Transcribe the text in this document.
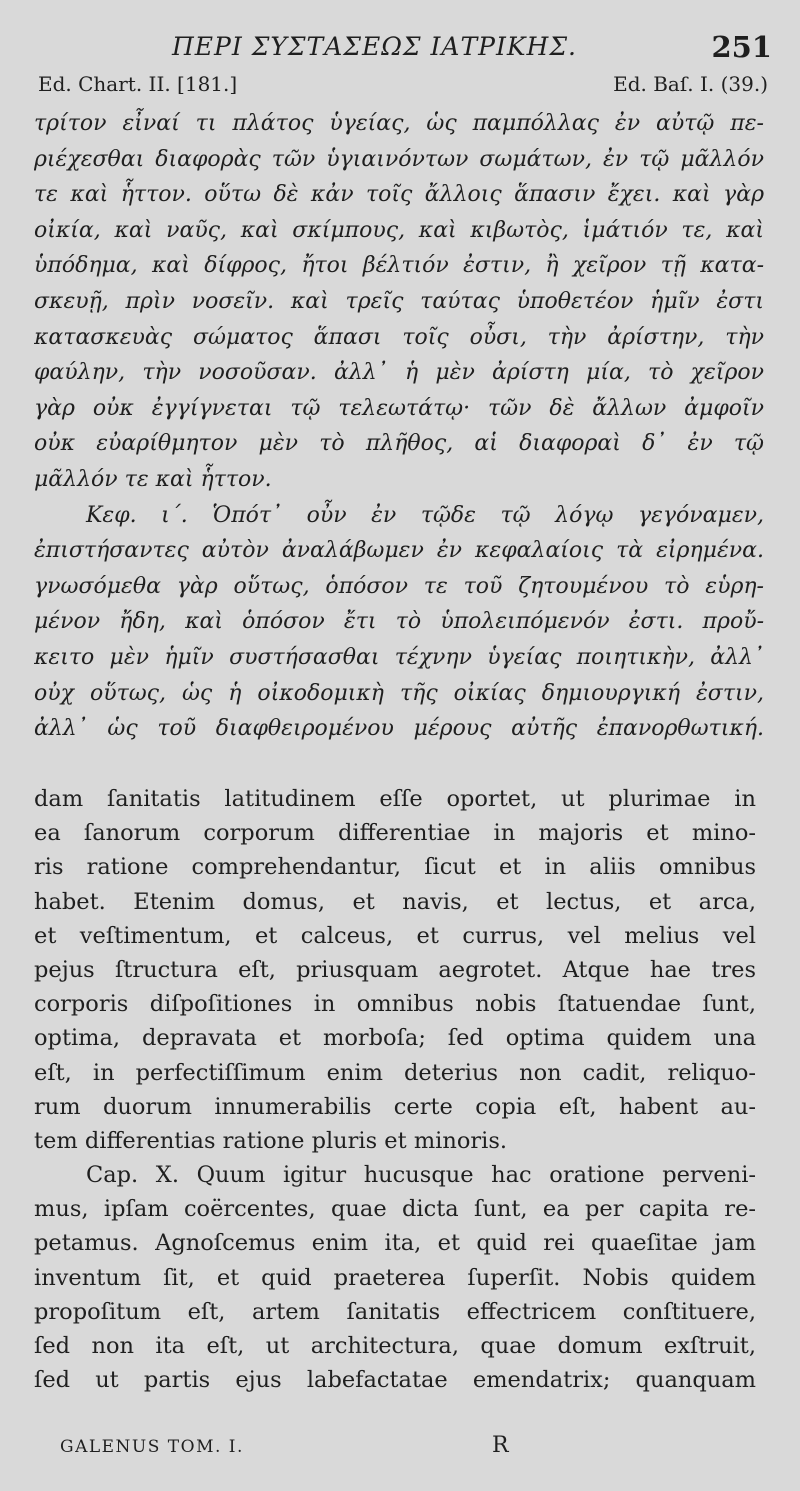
ΠΕΡΙ ΣΥΣΤΑΣΕΩΣ ΙΑΤΡΙΚΗΣ.	251
Ed. Chart. II. [181.]	Ed. Baſ. I. (39.)
τρίτον εἶναί τι πλάτος ὑγείας, ὡς παμπόλλας ἐν αὐτῷ πε-
ριέχεσθαι διαφορὰς τῶν ὑγιαινόντων σωμάτων, ἐν τῷ μᾶλλόν
τε καὶ ἧττον. οὕτω δὲ κἀν τοῖς ἄλλοις ἅπασιν ἔχει. καὶ γὰρ
οἰκία, καὶ ναῦς, καὶ σκίμπους, καὶ κιβωτὸς, ἱμάτιόν τε, καὶ
ὑπόδημα, καὶ δίφρος, ἤτοι βέλτιόν ἐστιν, ἢ χεῖρον τῇ κατα-
σκευῇ, πρὶν νοσεῖν. καὶ τρεῖς ταύτας ὑποθετέον ἡμῖν ἐστι
κατασκευὰς σώματος ἅπασι τοῖς οὖσι, τὴν ἀρίστην, τὴν
φαύλην, τὴν νοσοῦσαν. ἀλλ᾽ ἡ μὲν ἀρίστη μία, τὸ χεῖρον
γὰρ οὐκ ἐγγίγνεται τῷ τελεωτάτῳ· τῶν δὲ ἄλλων ἀμφοῖν
οὐκ εὐαρίθμητον μὲν τὸ πλῆθος, αἱ διαφοραὶ δ᾽ ἐν τῷ
μᾶλλόν τε καὶ ἧττον.
Κεφ. ι΄. Ὁπότ᾽ οὖν ἐν τῷδε τῷ λόγῳ γεγόναμεν,
ἐπιστήσαντες αὐτὸν ἀναλάβωμεν ἐν κεφαλαίοις τὰ εἰρημένα.
γνωσόμεθα γὰρ οὕτως, ὁπόσον τε τοῦ ζητουμένου τὸ εὑρη-
μένον ἤδη, καὶ ὁπόσον ἔτι τὸ ὑπολειπόμενόν ἐστι. προὔ-
κειτο μὲν ἡμῖν συστήσασθαι τέχνην ὑγείας ποιητικὴν, ἀλλ᾽
οὐχ οὕτως, ὡς ἡ οἰκοδομικὴ τῆς οἰκίας δημιουργική ἐστιν,
ἀλλ᾽ ὡς τοῦ διαφθειρομένου μέρους αὐτῆς ἐπανορθωτική.
dam ſanitatis latitudinem eſſe oportet, ut plurimae in
ea ſanorum corporum differentiae in majoris et mino-
ris ratione comprehendantur, ſicut et in aliis omnibus
habet. Etenim domus, et navis, et lectus, et arca,
et veſtimentum, et calceus, et currus, vel melius vel
pejus ſtructura eſt, priusquam aegrotet. Atque hae tres
corporis diſpoſitiones in omnibus nobis ſtatuendae ſunt,
optima, depravata et morboſa; ſed optima quidem una
eſt, in perfectiſſimum enim deterius non cadit, reliquo-
rum duorum innumerabilis certe copia eſt, habent au-
tem differentias ratione pluris et minoris.
Cap. X. Quum igitur hucusque hac oratione perveni-
mus, ipſam coërcentes, quae dicta ſunt, ea per capita re-
petamus. Agnoſcemus enim ita, et quid rei quaeſitae jam
inventum ſit, et quid praeterea ſuperſit. Nobis quidem
propoſitum eſt, artem ſanitatis effectricem conſtituere,
ſed non ita eſt, ut architectura, quae domum exſtruit,
ſed ut partis ejus labefactatae emendatrix; quanquam
GALENUS TOM. I.	R
